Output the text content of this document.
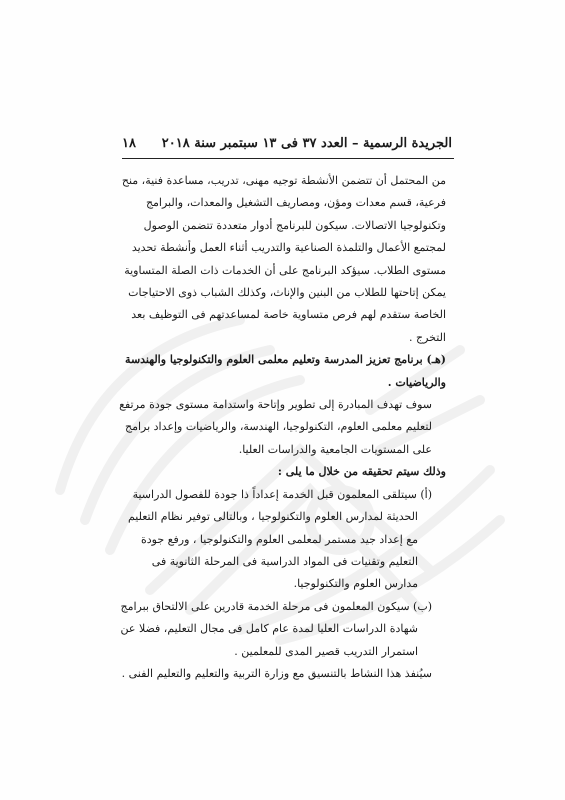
الجريدة الرسمية – العدد ٣٧ فى ١٣ سبتمبر سنة ٢٠١٨
١٨

من المحتمل أن تتضمن الأنشطة توجيه مهنى، تدريب، مساعدة فنية، منح فرعية، قسم معدات ومؤن، ومصاريف التشغيل والمعدات، والبرامج وتكنولوجيا الاتصالات. سيكون للبرنامج أدوار متعددة تتضمن الوصول لمجتمع الأعمال والتلمذة الصناعية والتدريب أثناء العمل وأنشطة تحديد مستوى الطلاب. سيؤكد البرنامج على أن الخدمات ذات الصلة المتساوية يمكن إتاحتها للطلاب من البنين والإناث، وكذلك الشباب ذوى الاحتياجات الخاصة ستقدم لهم فرص متساوية خاصة لمساعدتهم فى التوظيف بعد التخرج .

(هـ) برنامج تعزيز المدرسة وتعليم معلمى العلوم والتكنولوجيا والهندسة والرياضيات .

سوف تهدف المبادرة إلى تطوير وإتاحة واستدامة مستوى جودة مرتفع لتعليم معلمى العلوم، التكنولوجيا، الهندسة، والرياضيات وإعداد برامج على المستويات الجامعية والدراسات العليا.

وذلك سيتم تحقيقه من خلال ما يلى :

(أ) سيتلقى المعلمون قبل الخدمة إعداداً ذا جودة للفصول الدراسية الحديثة لمدارس العلوم والتكنولوجيا ، وبالتالى توفير نظام التعليم مع إعداد جيد مستمر لمعلمى العلوم والتكنولوجيا ، ورفع جودة التعليم وتقنيات فى المواد الدراسية فى المرحلة الثانوية فى مدارس العلوم والتكنولوجيا.

(ب) سيكون المعلمون فى مرحلة الخدمة قادرين على الالتحاق ببرامج شهادة الدراسات العليا لمدة عام كامل فى مجال التعليم، فضلا عن استمرار التدريب قصير المدى للمعلمين .

سيُنفذ هذا النشاط بالتنسيق مع وزارة التربية والتعليم والتعليم الفنى .
